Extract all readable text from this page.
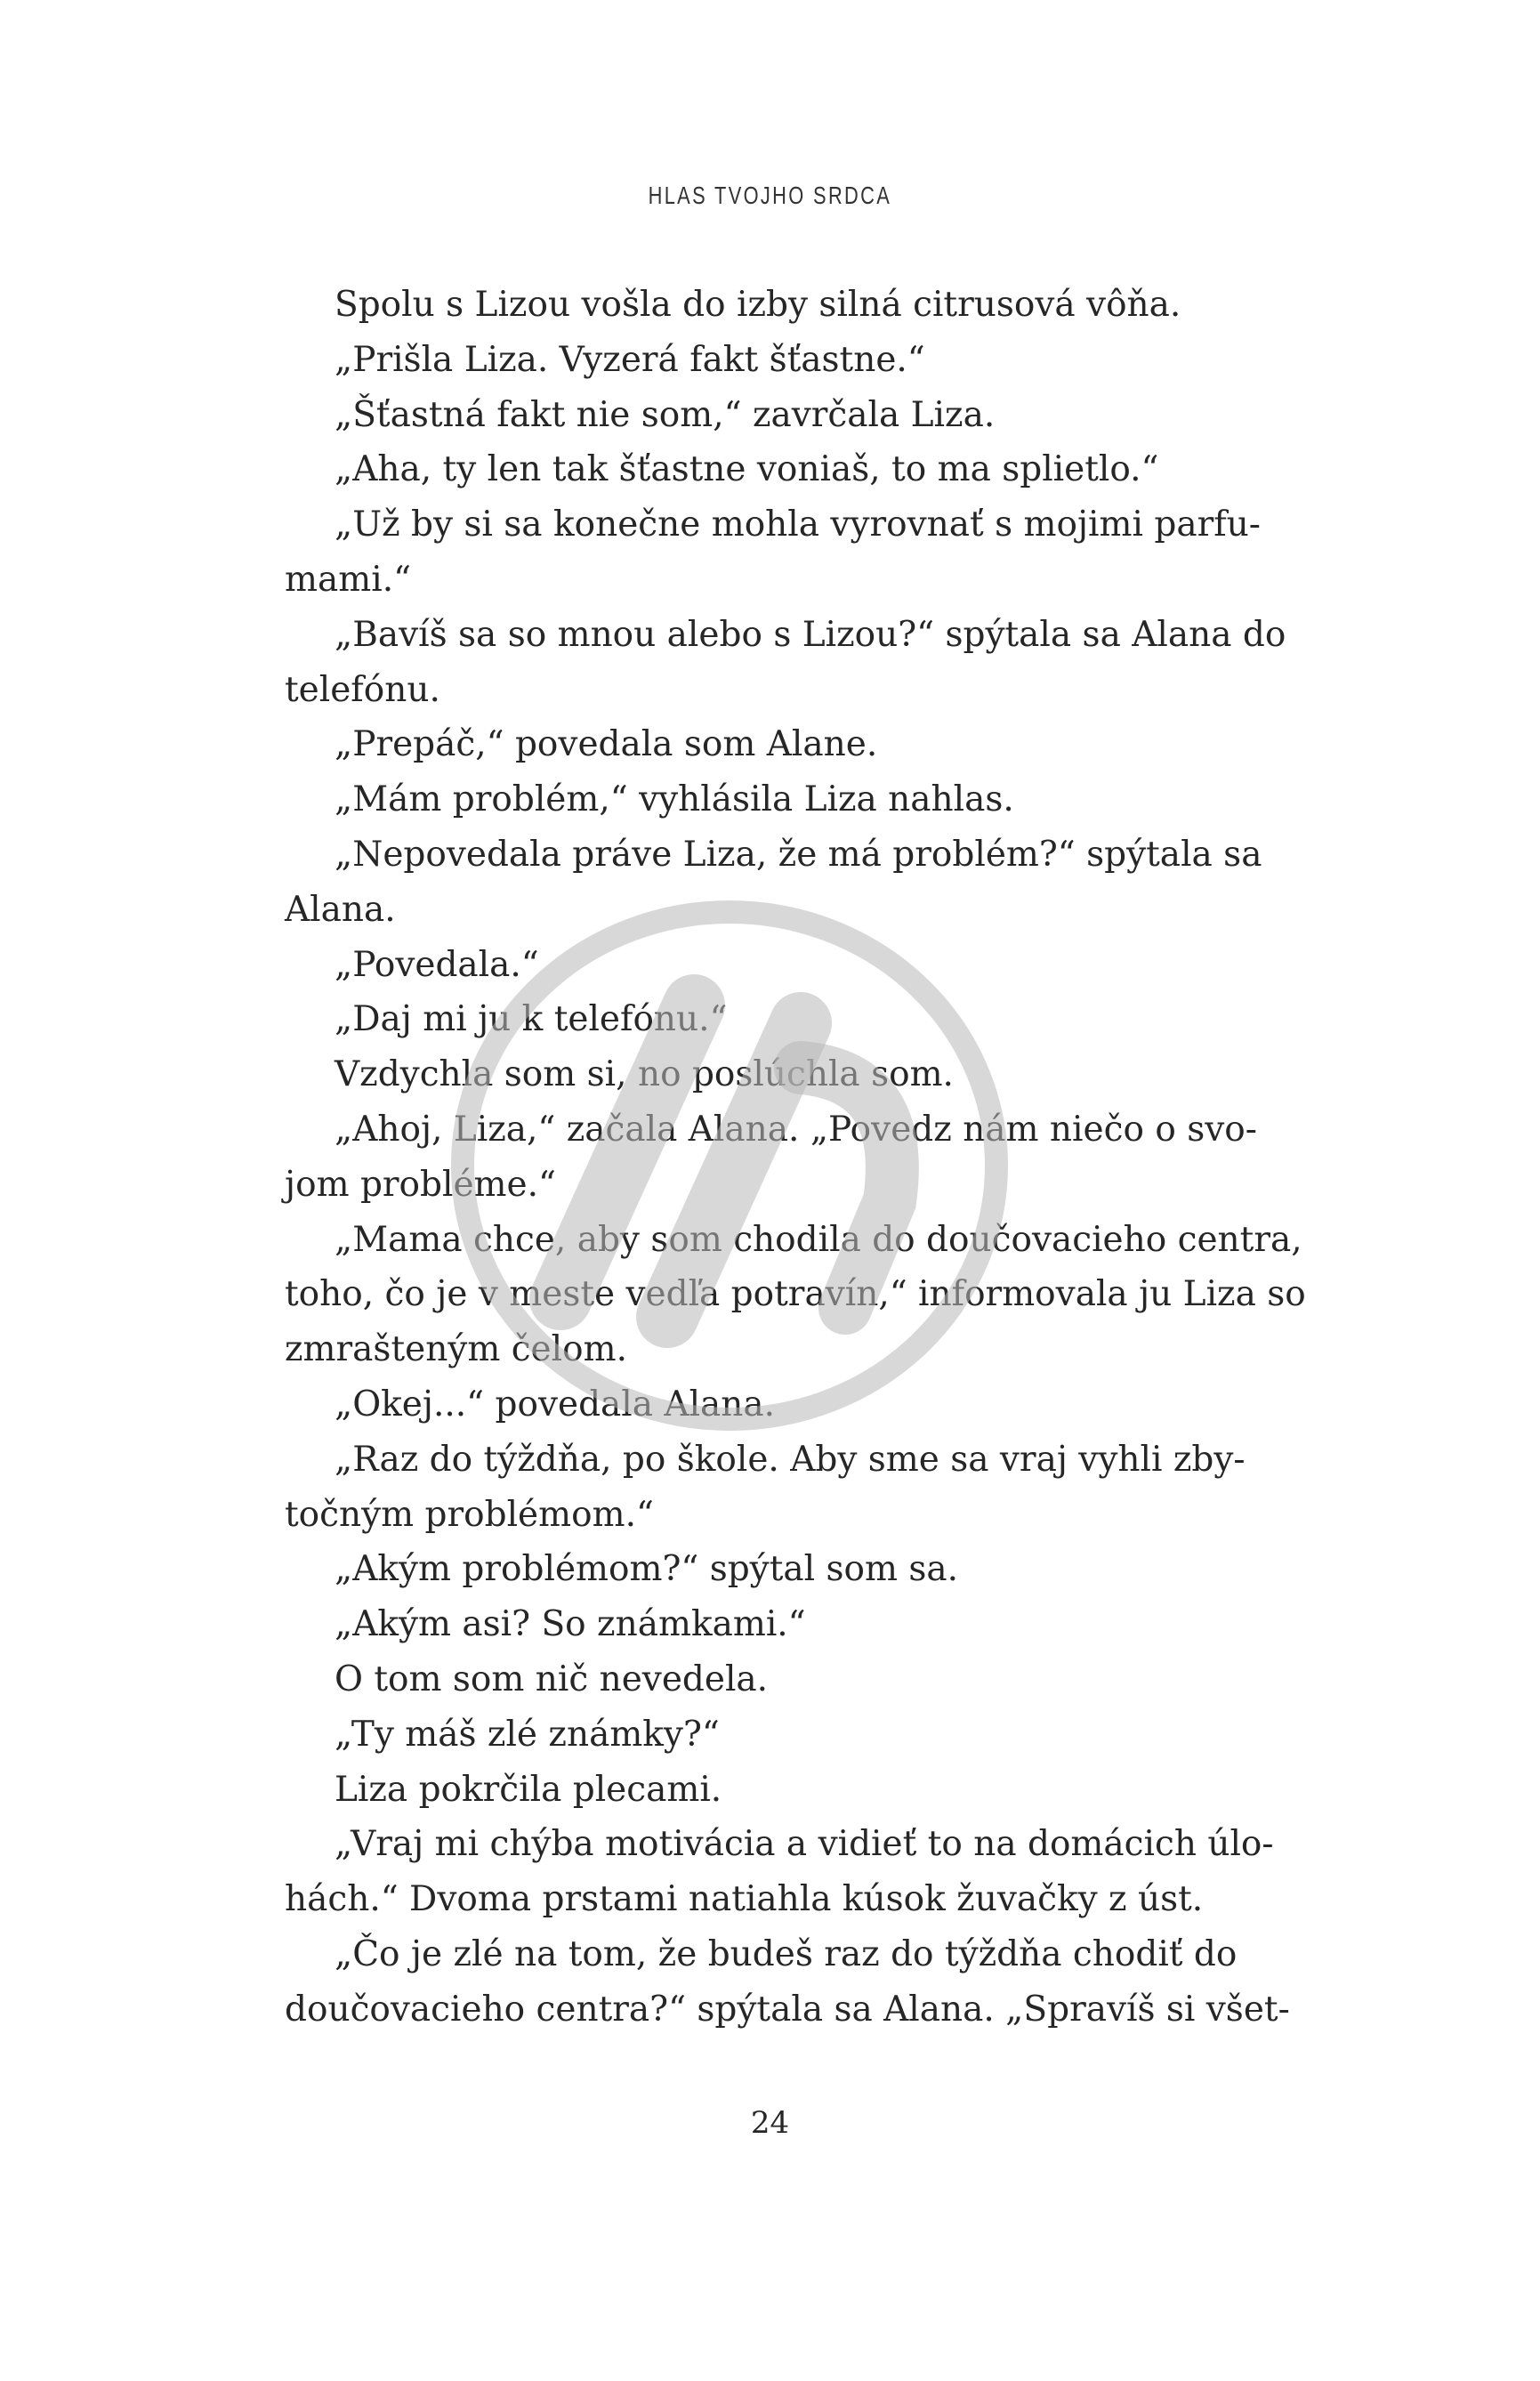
HLAS TVOJHO SRDCA
Spolu s Lizou vošla do izby silná citrusová vôňa.
„Prišla Liza. Vyzerá fakt šťastne.“
„Šťastná fakt nie som,“ zavrčala Liza.
„Aha, ty len tak šťastne voniaš, to ma splietlo.“
„Už by si sa konečne mohla vyrovnať s mojimi parfu-
mami.“
„Bavíš sa so mnou alebo s Lizou?“ spýtala sa Alana do
telefónu.
„Prepáč,“ povedala som Alane.
„Mám problém,“ vyhlásila Liza nahlas.
„Nepovedala práve Liza, že má problém?“ spýtala sa
Alana.
„Povedala.“
„Daj mi ju k telefónu.“
Vzdychla som si, no poslúchla som.
„Ahoj, Liza,“ začala Alana. „Povedz nám niečo o svo-
jom probléme.“
„Mama chce, aby som chodila do doučovacieho centra,
toho, čo je v meste vedľa potravín,“ informovala ju Liza so
zmrašteným čelom.
„Okej...“ povedala Alana.
„Raz do týždňa, po škole. Aby sme sa vraj vyhli zby-
točným problémom.“
„Akým problémom?“ spýtal som sa.
„Akým asi? So známkami.“
O tom som nič nevedela.
„Ty máš zlé známky?“
Liza pokrčila plecami.
„Vraj mi chýba motivácia a vidieť to na domácich úlo-
hách.“ Dvoma prstami natiahla kúsok žuvačky z úst.
„Čo je zlé na tom, že budeš raz do týždňa chodiť do
doučovacieho centra?“ spýtala sa Alana. „Spravíš si všet-
24
